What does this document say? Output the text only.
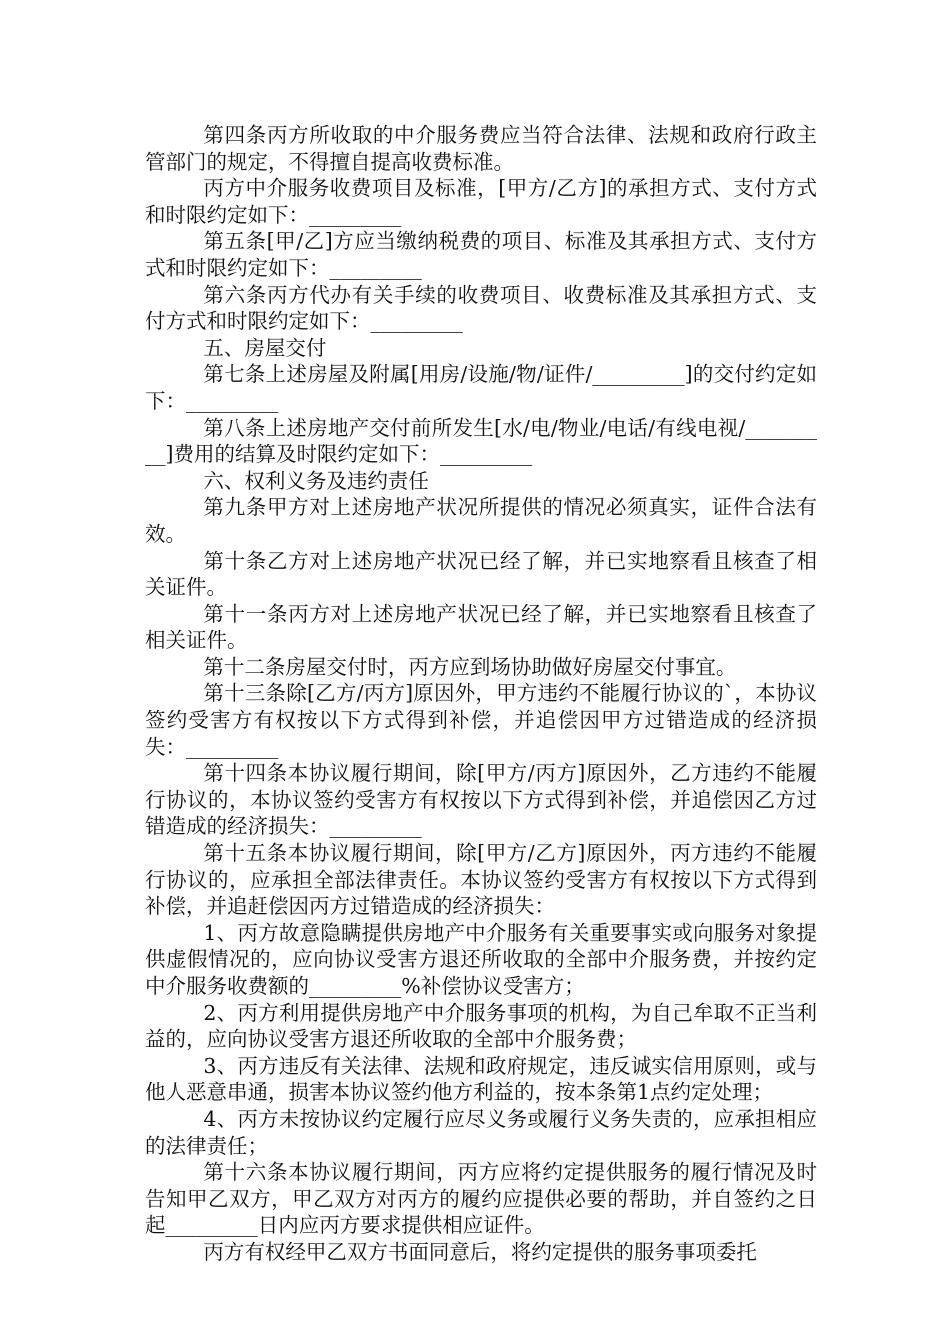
第四条丙方所收取的中介服务费应当符合法律、法规和政府行政主管部门的规定，不得擅自提高收费标准。

丙方中介服务收费项目及标准，[甲方/乙方]的承担方式、支付方式和时限约定如下：_________

第五条[甲/乙]方应当缴纳税费的项目、标准及其承担方式、支付方式和时限约定如下：_________

第六条丙方代办有关手续的收费项目、收费标准及其承担方式、支付方式和时限约定如下：_________

五、房屋交付

第七条上述房屋及附属[用房/设施/物/证件/_________]的交付约定如下：_________

第八条上述房地产交付前所发生[水/电/物业/电话/有线电视/_________]费用的结算及时限约定如下：_________

六、权利义务及违约责任

第九条甲方对上述房地产状况所提供的情况必须真实，证件合法有效。

第十条乙方对上述房地产状况已经了解，并已实地察看且核查了相关证件。

第十一条丙方对上述房地产状况已经了解，并已实地察看且核查了相关证件。

第十二条房屋交付时，丙方应到场协助做好房屋交付事宜。

第十三条除[乙方/丙方]原因外，甲方违约不能履行协议的`，本协议签约受害方有权按以下方式得到补偿，并追偿因甲方过错造成的经济损失：_________

第十四条本协议履行期间，除[甲方/丙方]原因外，乙方违约不能履行协议的，本协议签约受害方有权按以下方式得到补偿，并追偿因乙方过错造成的经济损失：_________

第十五条本协议履行期间，除[甲方/乙方]原因外，丙方违约不能履行协议的，应承担全部法律责任。本协议签约受害方有权按以下方式得到补偿，并追赶偿因丙方过错造成的经济损失：

1、丙方故意隐瞒提供房地产中介服务有关重要事实或向服务对象提供虚假情况的，应向协议受害方退还所收取的全部中介服务费，并按约定中介服务收费额的_________%补偿协议受害方；

2、丙方利用提供房地产中介服务事项的机构，为自己牟取不正当利益的，应向协议受害方退还所收取的全部中介服务费；

3、丙方违反有关法律、法规和政府规定，违反诚实信用原则，或与他人恶意串通，损害本协议签约他方利益的，按本条第1点约定处理；

4、丙方未按协议约定履行应尽义务或履行义务失责的，应承担相应的法律责任；

第十六条本协议履行期间，丙方应将约定提供服务的履行情况及时告知甲乙双方，甲乙双方对丙方的履约应提供必要的帮助，并自签约之日起_________日内应丙方要求提供相应证件。

丙方有权经甲乙双方书面同意后，将约定提供的服务事项委托
